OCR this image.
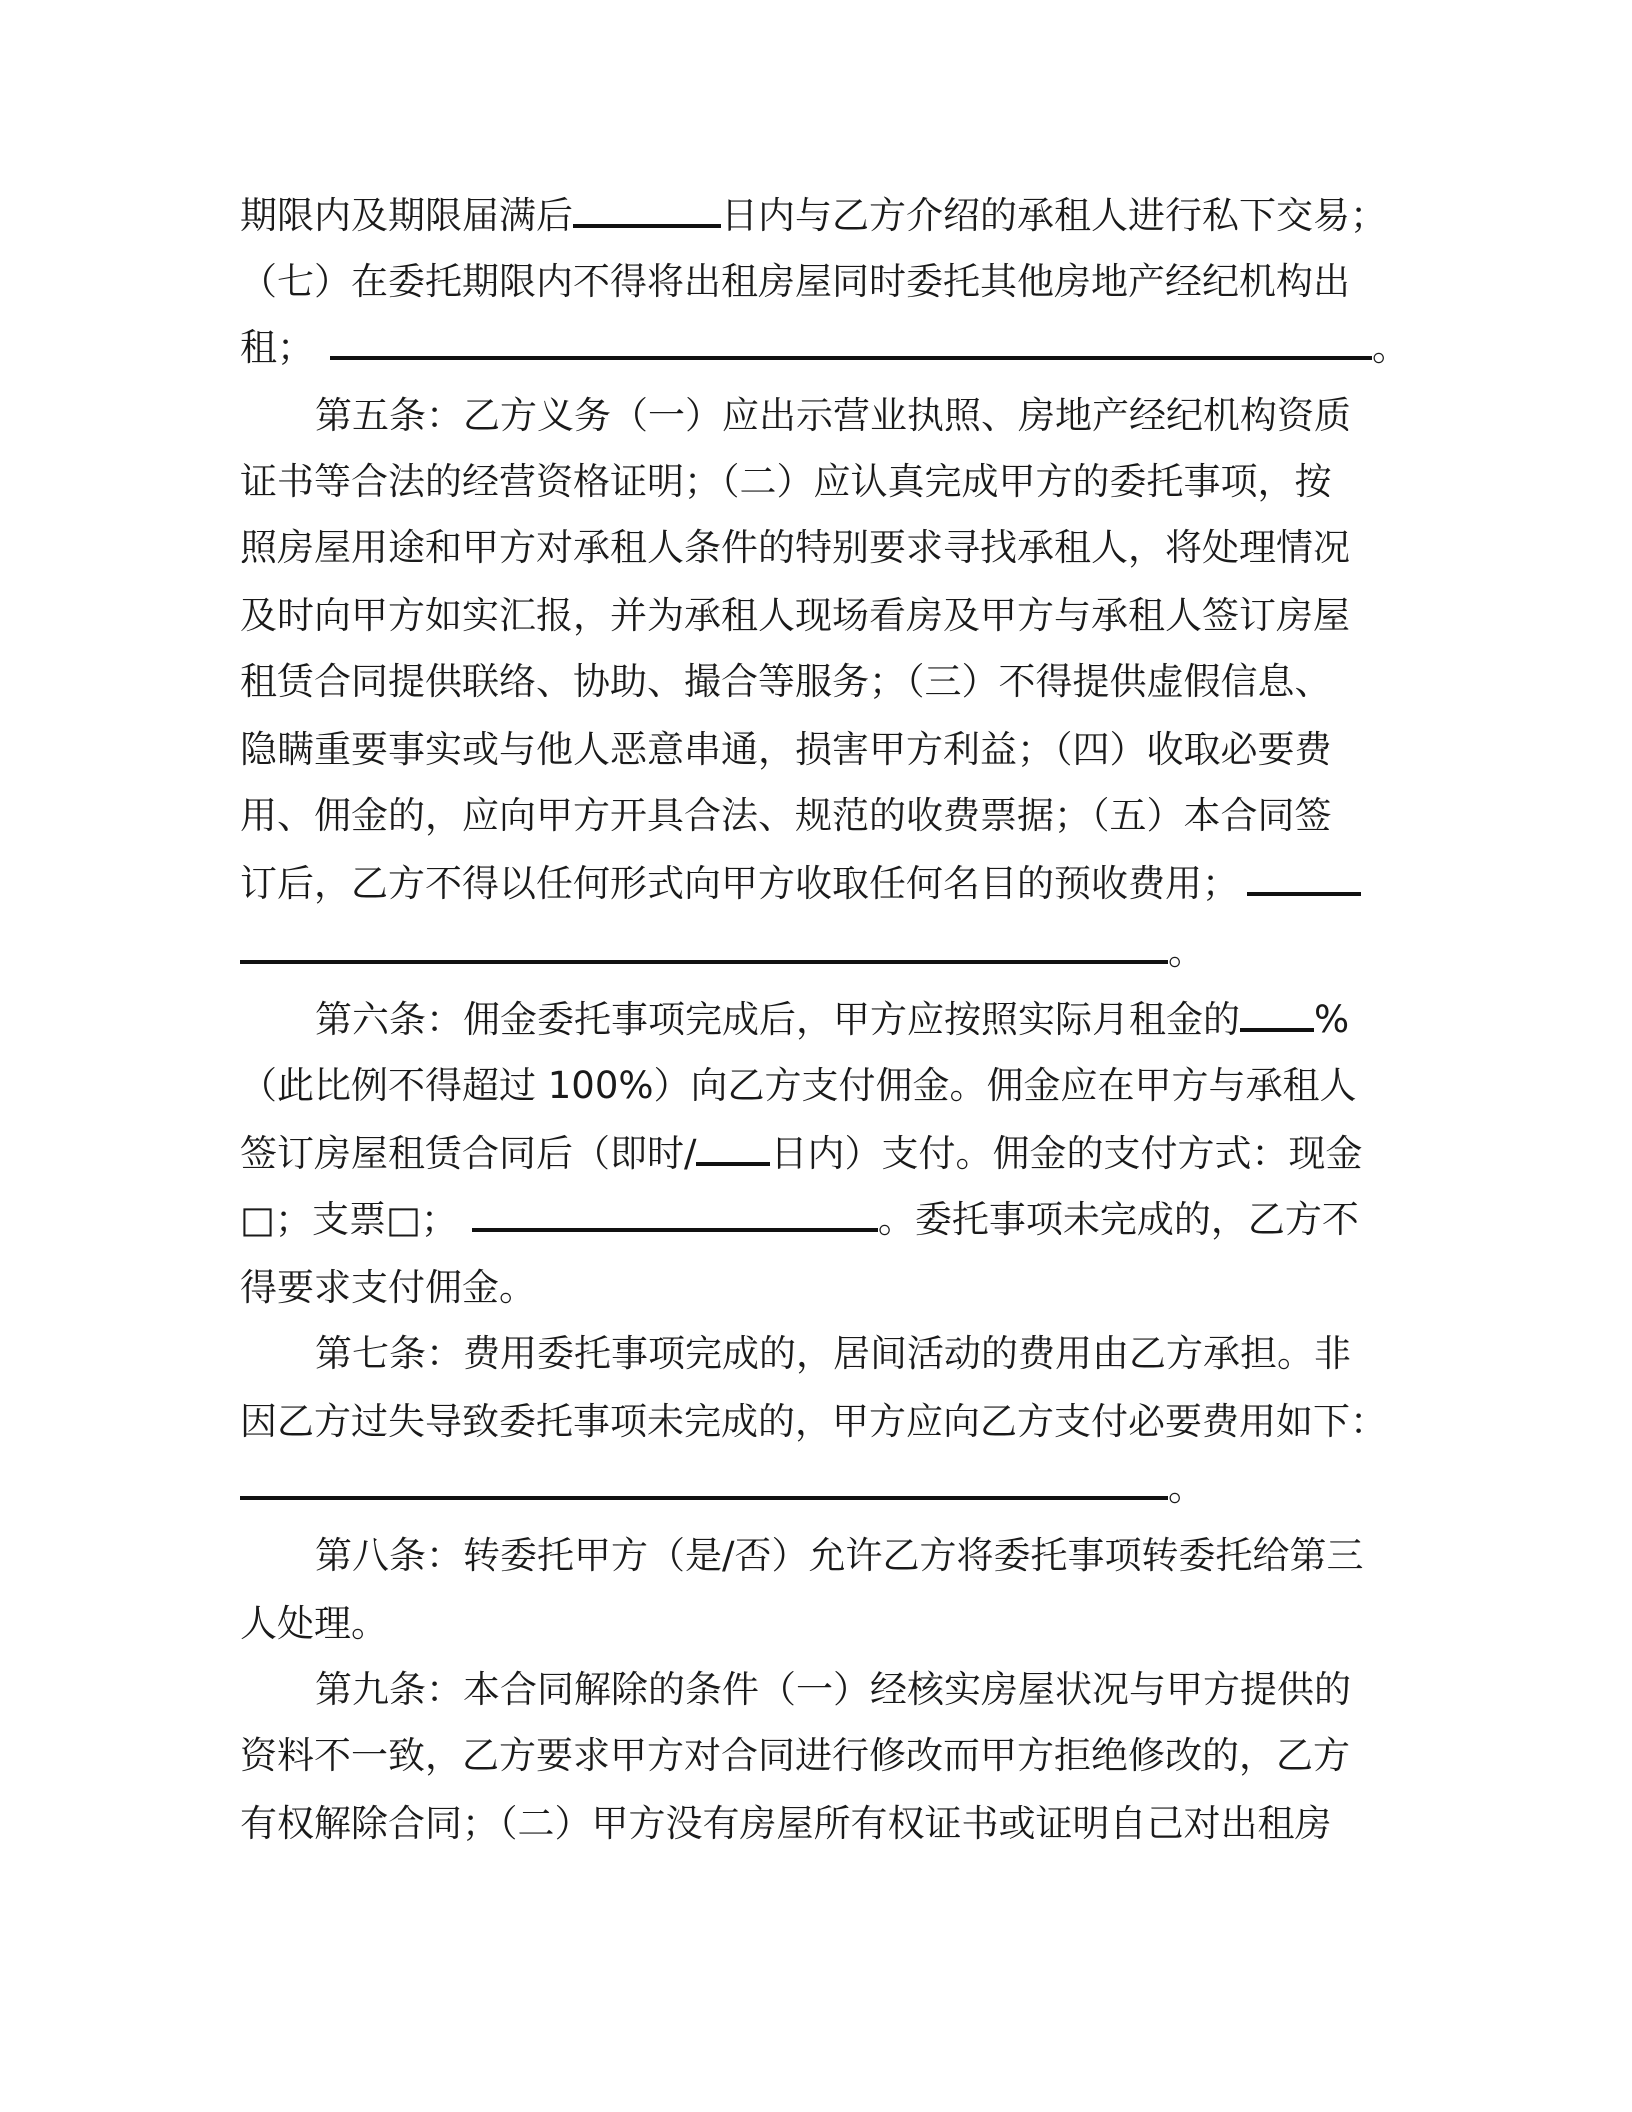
期限内及期限届满后	日内与乙方介绍的承租人进行私下交易；
（七）在委托期限内不得将出租房屋同时委托其他房地产经纪机构出
租；	。
第五条：乙方义务（一）应出示营业执照、房地产经纪机构资质
证书等合法的经营资格证明；（二）应认真完成甲方的委托事项，按
照房屋用途和甲方对承租人条件的特别要求寻找承租人，将处理情况
及时向甲方如实汇报，并为承租人现场看房及甲方与承租人签订房屋
租赁合同提供联络、协助、撮合等服务；（三）不得提供虚假信息、
隐瞒重要事实或与他人恶意串通，损害甲方利益；（四）收取必要费
用、佣金的，应向甲方开具合法、规范的收费票据；（五）本合同签
订后，乙方不得以任何形式向甲方收取任何名目的预收费用；
。
第六条：佣金委托事项完成后，甲方应按照实际月租金的 %
（此比例不得超过 100%）向乙方支付佣金。佣金应在甲方与承租人
签订房屋租赁合同后（即时/ 日内）支付。佣金的支付方式：现金
□；支票□；	。委托事项未完成的，乙方不
得要求支付佣金。
第七条：费用委托事项完成的，居间活动的费用由乙方承担。非
因乙方过失导致委托事项未完成的，甲方应向乙方支付必要费用如下：
。
第八条：转委托甲方（是/否）允许乙方将委托事项转委托给第三
人处理。
第九条：本合同解除的条件（一）经核实房屋状况与甲方提供的
资料不一致，乙方要求甲方对合同进行修改而甲方拒绝修改的，乙方
有权解除合同；（二）甲方没有房屋所有权证书或证明自己对出租房
